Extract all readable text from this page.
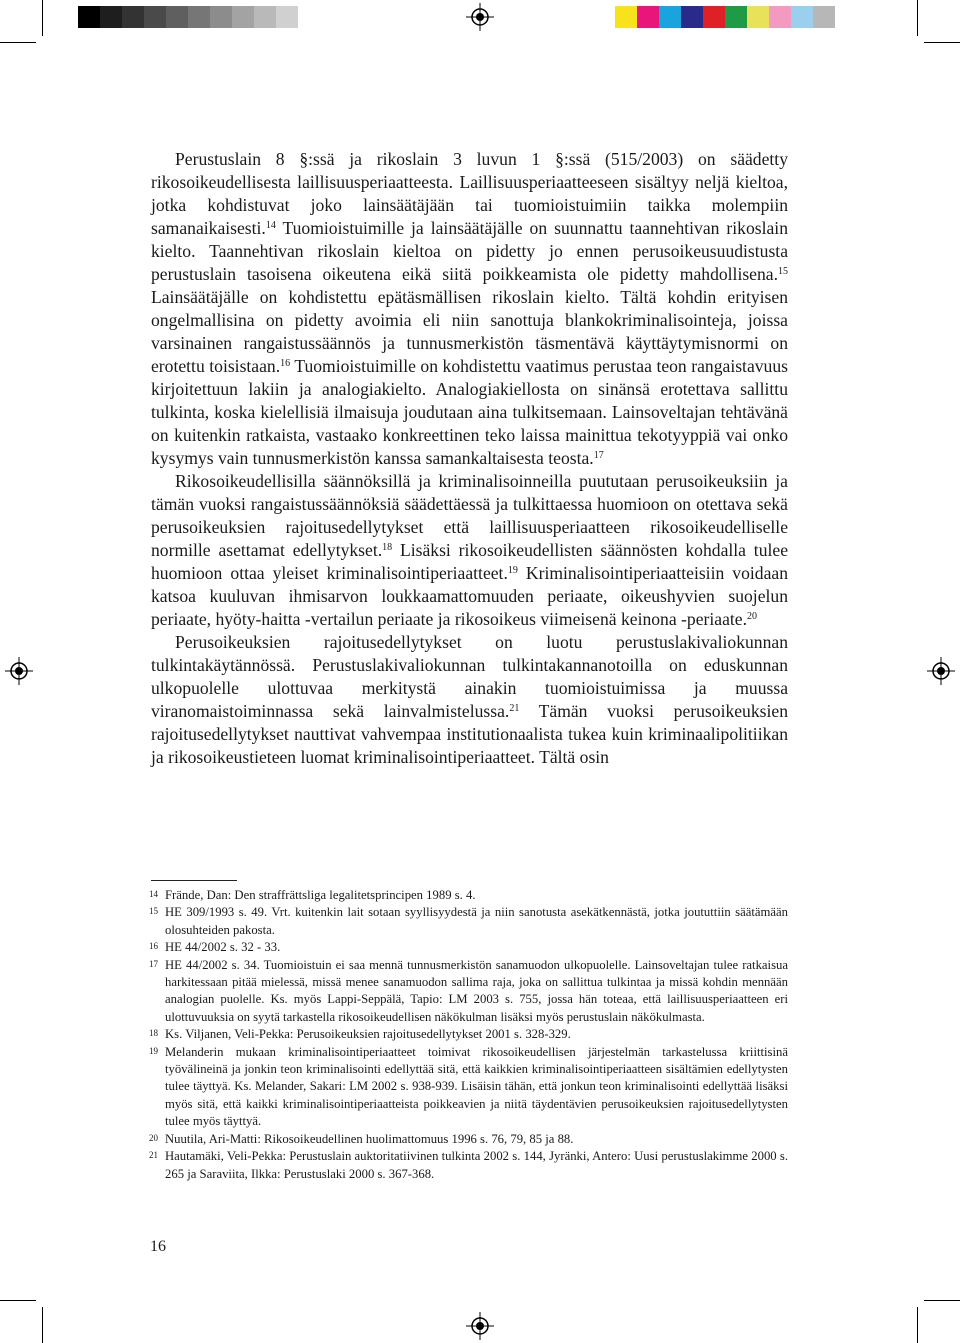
Perustuslain 8 §:ssä ja rikoslain 3 luvun 1 §:ssä (515/2003) on säädetty rikosoikeudellisesta laillisuusperiaatteesta. Laillisuusperiaatteeseen sisältyy neljä kieltoa, jotka kohdistuvat joko lainsäätäjään tai tuomioistuimiin taikka molempiin samanaikaisesti.$^{14}$ Tuomioistuimille ja lainsäätäjälle on suunnattu taannehtivan rikoslain kielto. Taannehtivan rikoslain kieltoa on pidetty jo ennen perusoikeusuudistusta perustuslain tasoisena oikeutena eikä siitä poikkeamista ole pidetty mahdollisena.$^{15}$ Lainsäätäjälle on kohdistettu epätäsmällisen rikoslain kielto. Tältä kohdin erityisen ongelmallisina on pidetty avoimia eli niin sanottuja blankokriminalisointeja, joissa varsinainen rangaistussäännös ja tunnusmerkistön täsmentävä käyttäytymisnormi on erotettu toisistaan.$^{16}$ Tuomioistuimille on kohdistettu vaatimus perustaa teon rangaistavuus kirjoitettuun lakiin ja analogiakielto. Analogiakiellosta on sinänsä erotettava sallittu tulkinta, koska kielellisiä ilmaisuja joudutaan aina tulkitsemaan. Lainsoveltajan tehtävänä on kuitenkin ratkaista, vastaako konkreettinen teko laissa mainittua tekotyyppiä vai onko kysymys vain tunnusmerkistön kanssa samankaltaisesta teosta.$^{17}$

Rikosoikeudellisilla säännöksillä ja kriminalisoinneilla puututaan perusoikeuksiin ja tämän vuoksi rangaistussäännöksiä säädettäessä ja tulkittaessa huomioon on otettava sekä perusoikeuksien rajoitusedellytykset että laillisuusperiaatteen rikosoikeudelliselle normille asettamat edellytykset.$^{18}$ Lisäksi rikosoikeudellisten säännösten kohdalla tulee huomioon ottaa yleiset kriminalisointiperiaatteet.$^{19}$ Kriminalisointiperiaatteisiin voidaan katsoa kuuluvan ihmisarvon loukkaamattomuuden periaate, oikeushyvien suojelun periaate, hyöty-haitta -vertailun periaate ja rikosoikeus viimeisenä keinona -periaate.$^{20}$

Perusoikeuksien rajoitusedellytykset on luotu perustuslakivaliokunnan tulkintakäytännössä. Perustuslakivaliokunnan tulkintakannanotoilla on eduskunnan ulkopuolelle ulottuvaa merkitystä ainakin tuomioistuimissa ja muussa viranomaistoiminnassa sekä lainvalmistelussa.$^{21}$ Tämän vuoksi perusoikeuksien rajoitusedellytykset nauttivat vahvempaa institutionaalista tukea kuin kriminaalipolitiikan ja rikosoikeustieteen luomat kriminalisointiperiaatteet. Tältä osin

14 Frände, Dan: Den straffrättsliga legalitetsprincipen 1989 s. 4.
15 HE 309/1993 s. 49. Vrt. kuitenkin lait sotaan syyllisyydestä ja niin sanotusta asekätkennästä, jotka joututtiin säätämään olosuhteiden pakosta.
16 HE 44/2002 s. 32 - 33.
17 HE 44/2002 s. 34. Tuomioistuin ei saa mennä tunnusmerkistön sanamuodon ulkopuolelle. Lainsoveltajan tulee ratkaisua harkitessaan pitää mielessä, missä menee sanamuodon sallima raja, joka on sallittua tulkintaa ja missä kohdin mennään analogian puolelle. Ks. myös Lappi-Seppälä, Tapio: LM 2003 s. 755, jossa hän toteaa, että laillisuusperiaatteen eri ulottuvuuksia on syytä tarkastella rikosoikeudellisen näkökulman lisäksi myös perustuslain näkökulmasta.
18 Ks. Viljanen, Veli-Pekka: Perusoikeuksien rajoitusedellytykset 2001 s. 328-329.
19 Melanderin mukaan kriminalisointiperiaatteet toimivat rikosoikeudellisen järjestelmän tarkastelussa kriittisinä työvälineinä ja jonkin teon kriminalisointi edellyttää sitä, että kaikkien kriminalisointiperiaatteen sisältämien edellytysten tulee täyttyä. Ks. Melander, Sakari: LM 2002 s. 938-939. Lisäisin tähän, että jonkun teon kriminalisointi edellyttää lisäksi myös sitä, että kaikki kriminalisointiperiaatteista poikkeavien ja niitä täydentävien perusoikeuksien rajoitusedellytysten tulee myös täyttyä.
20 Nuutila, Ari-Matti: Rikosoikeudellinen huolimattomuus 1996 s. 76, 79, 85 ja 88.
21 Hautamäki, Veli-Pekka: Perustuslain auktoritatiivinen tulkinta 2002 s. 144, Jyränki, Antero: Uusi perustuslakimme 2000 s. 265 ja Saraviita, Ilkka: Perustuslaki 2000 s. 367-368.
16
